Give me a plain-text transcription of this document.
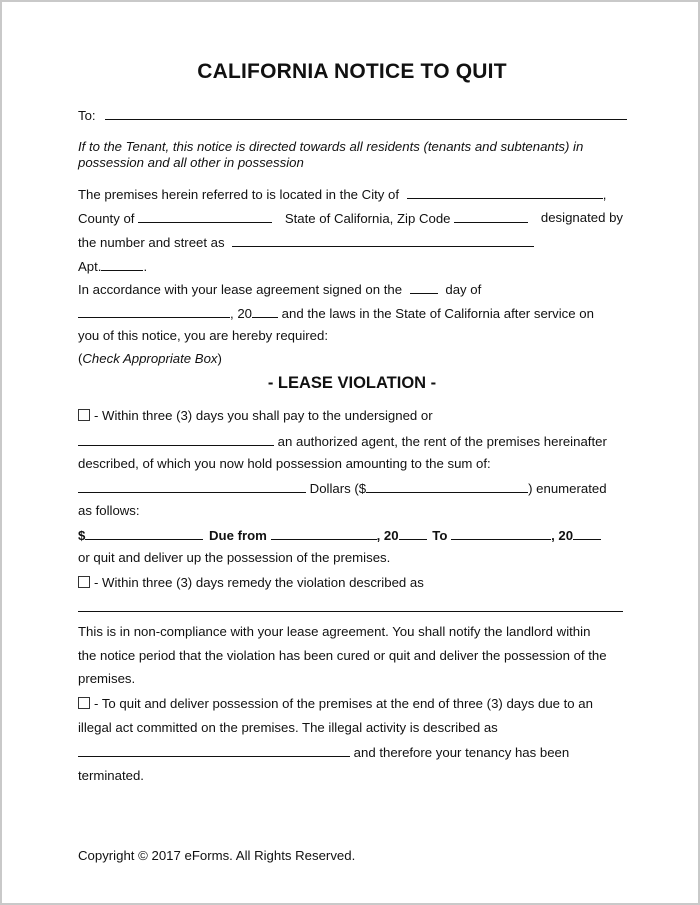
CALIFORNIA NOTICE TO QUIT
To:
If to the Tenant, this notice is directed towards all residents (tenants and subtenants) in
possession and all other in possession
The premises herein referred to is located in the City of	,
County of	State of California, Zip Code	designated by
the number and street as
Apt.	.
In accordance with your lease agreement signed on the	day of
, 20 and the laws in the State of California after service on
you of this notice, you are hereby required:
(Check Appropriate Box)
- LEASE VIOLATION -
- Within three (3) days you shall pay to the undersigned or
an authorized agent, the rent of the premises hereinafter
described, of which you now hold possession amounting to the sum of:
Dollars ($	) enumerated
as follows:
$	Due from	, 20	To	, 20
or quit and deliver up the possession of the premises.
- Within three (3) days remedy the violation described as
This is in non-compliance with your lease agreement. You shall notify the landlord within
the notice period that the violation has been cured or quit and deliver the possession of the
premises.
- To quit and deliver possession of the premises at the end of three (3) days due to an
illegal act committed on the premises. The illegal activity is described as
and therefore your tenancy has been
terminated.
Copyright © 2017 eForms. All Rights Reserved.
